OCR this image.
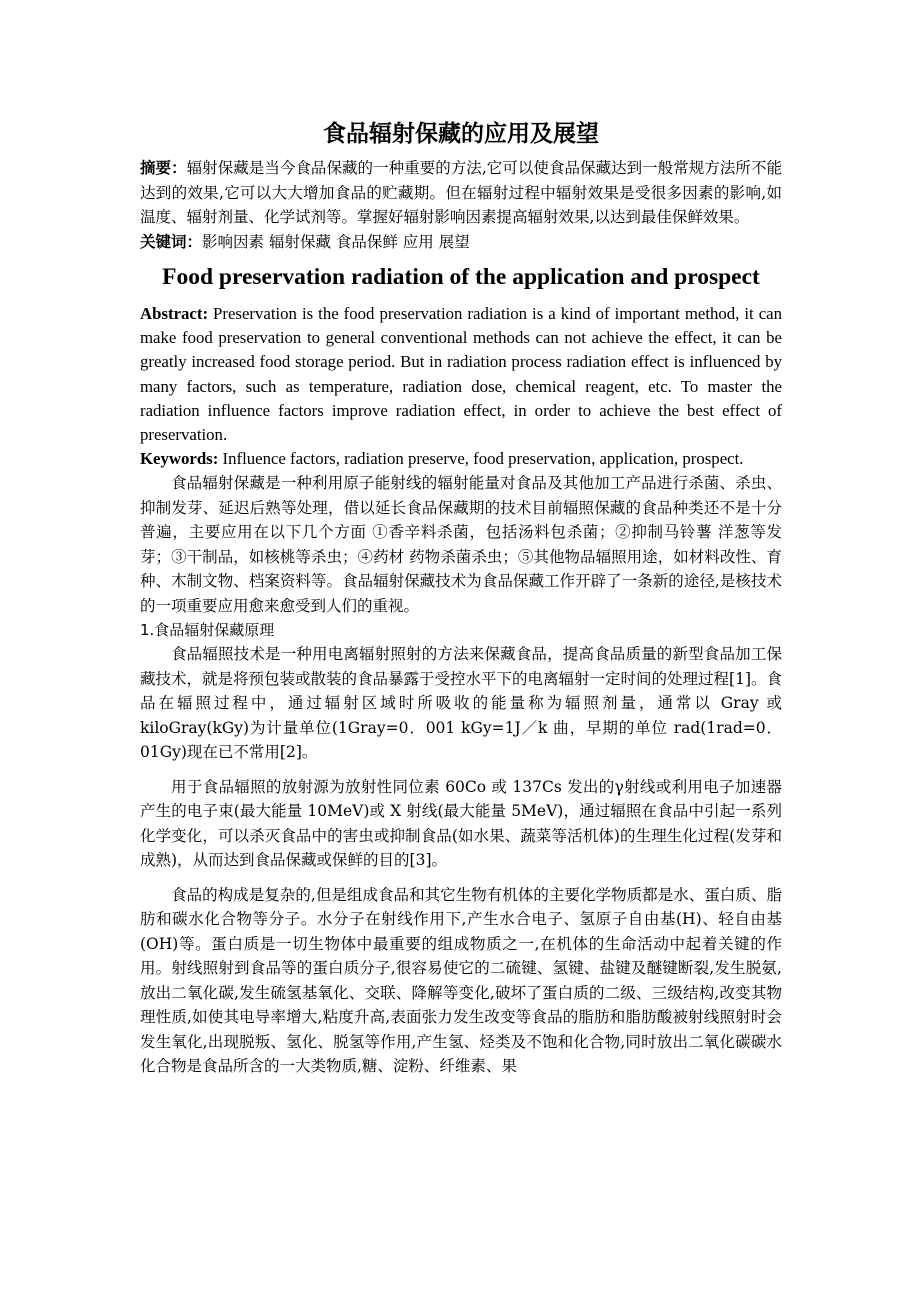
食品辐射保藏的应用及展望

摘要：辐射保藏是当今食品保藏的一种重要的方法,它可以使食品保藏达到一般常规方法所不能达到的效果,它可以大大增加食品的贮藏期。但在辐射过程中辐射效果是受很多因素的影响,如温度、辐射剂量、化学试剂等。掌握好辐射影响因素提高辐射效果,以达到最佳保鲜效果。

关键词：影响因素 辐射保藏 食品保鲜 应用 展望

Food preservation radiation of the application and prospect

Abstract: Preservation is the food preservation radiation is a kind of important method, it can make food preservation to general conventional methods can not achieve the effect, it can be greatly increased food storage period. But in radiation process radiation effect is influenced by many factors, such as temperature, radiation dose, chemical reagent, etc. To master the radiation influence factors improve radiation effect, in order to achieve the best effect of preservation.

Keywords: Influence factors, radiation preserve, food preservation, application, prospect.

食品辐射保藏是一种利用原子能射线的辐射能量对食品及其他加工产品进行杀菌、杀虫、抑制发芽、延迟后熟等处理，借以延长食品保藏期的技术目前辐照保藏的食品种类还不是十分普遍，主要应用在以下几个方面 ①香辛料杀菌，包括汤料包杀菌；②抑制马铃薯 洋葱等发芽；③干制品，如核桃等杀虫；④药材 药物杀菌杀虫；⑤其他物品辐照用途，如材料改性、育种、木制文物、档案资料等。食品辐射保藏技术为食品保藏工作开辟了一条新的途径,是核技术的一项重要应用愈来愈受到人们的重视。

1.食品辐射保藏原理

食品辐照技术是一种用电离辐射照射的方法来保藏食品，提高食品质量的新型食品加工保藏技术，就是将预包装或散装的食品暴露于受控水平下的电离辐射一定时间的处理过程[1]。食品在辐照过程中，通过辐射区域时所吸收的能量称为辐照剂量，通常以 Gray 或 kiloGray(kGy)为计量单位(1Gray=0．001 kGy=1J／k 曲，早期的单位 rad(1rad=0．01Gy)现在已不常用[2]。

用于食品辐照的放射源为放射性同位素 60Co 或 137Cs 发出的γ射线或利用电子加速器产生的电子束(最大能量 10MeV)或 X 射线(最大能量 5MeV)，通过辐照在食品中引起一系列化学变化，可以杀灭食品中的害虫或抑制食品(如水果、蔬菜等活机体)的生理生化过程(发芽和成熟)，从而达到食品保藏或保鲜的目的[3]。

食品的构成是复杂的,但是组成食品和其它生物有机体的主要化学物质都是水、蛋白质、脂肪和碳水化合物等分子。水分子在射线作用下,产生水合电子、氢原子自由基(H)、轻自由基(OH)等。蛋白质是一切生物体中最重要的组成物质之一,在机体的生命活动中起着关键的作用。射线照射到食品等的蛋白质分子,很容易使它的二硫键、氢键、盐键及醚键断裂,发生脱氨,放出二氧化碳,发生硫氢基氧化、交联、降解等变化,破坏了蛋白质的二级、三级结构,改变其物理性质,如使其电导率增大,粘度升高,表面张力发生改变等食品的脂肪和脂肪酸被射线照射时会发生氧化,出现脱叛、氢化、脱氢等作用,产生氢、烃类及不饱和化合物,同时放出二氧化碳碳水化合物是食品所含的一大类物质,糖、淀粉、纤维素、果
